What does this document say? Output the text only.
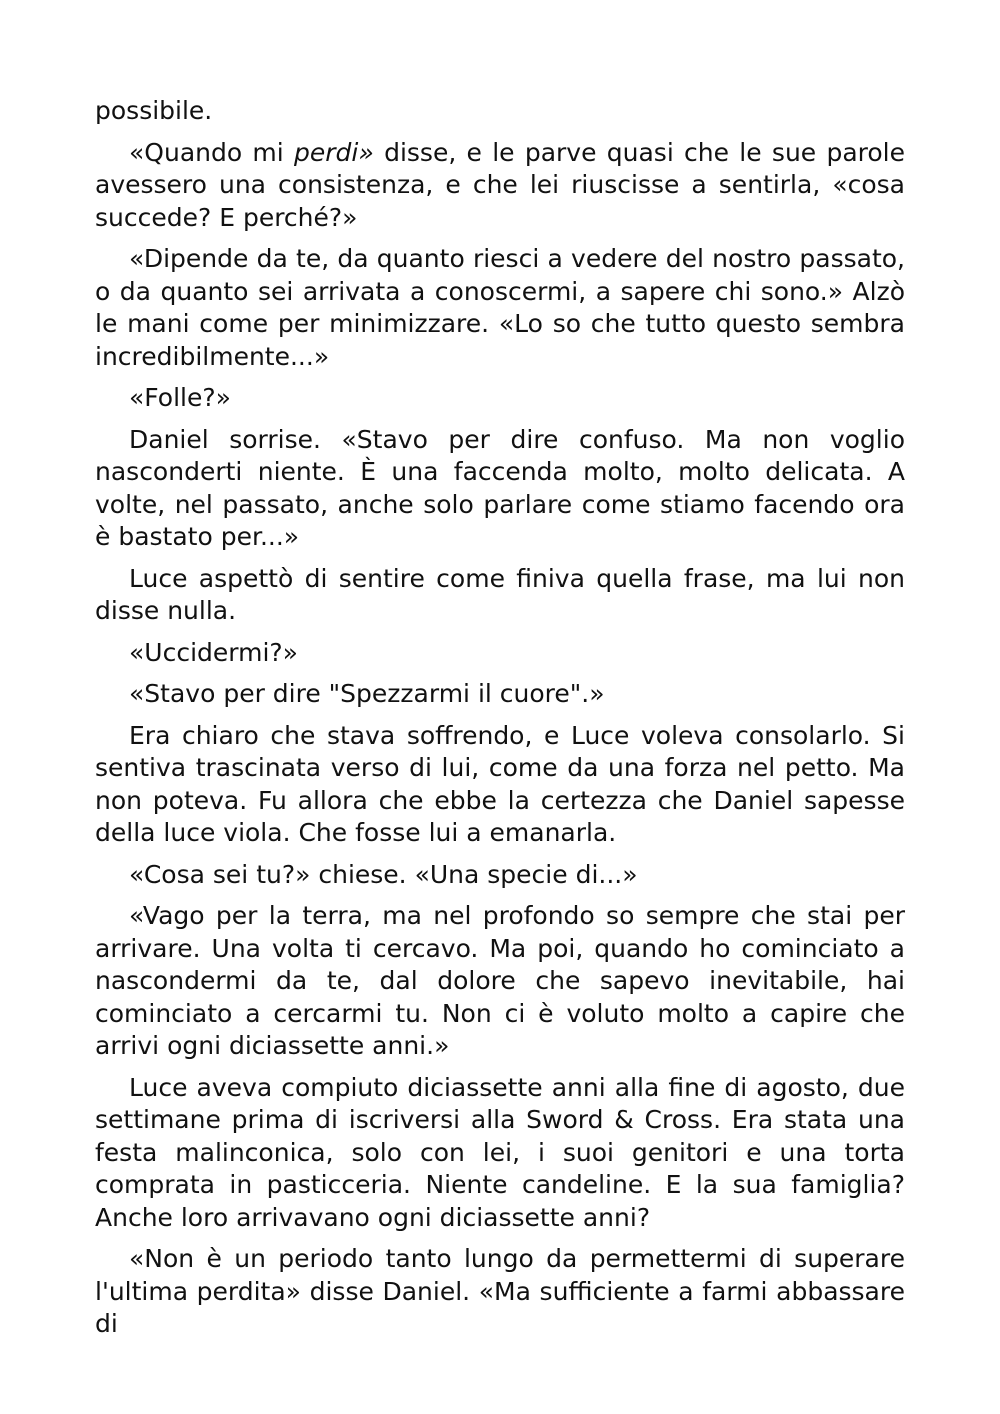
possibile.

«Quando mi perdi» disse, e le parve quasi che le sue parole avessero una consistenza, e che lei riuscisse a sentirla, «cosa succede? E perché?»

«Dipende da te, da quanto riesci a vedere del nostro passato, o da quanto sei arrivata a conoscermi, a sapere chi sono.» Alzò le mani come per minimizzare. «Lo so che tutto questo sembra incredibilmente...»

«Folle?»

Daniel sorrise. «Stavo per dire confuso. Ma non voglio nasconderti niente. È una faccenda molto, molto delicata. A volte, nel passato, anche solo parlare come stiamo facendo ora è bastato per...»

Luce aspettò di sentire come finiva quella frase, ma lui non disse nulla.

«Uccidermi?»

«Stavo per dire "Spezzarmi il cuore".»

Era chiaro che stava soffrendo, e Luce voleva consolarlo. Si sentiva trascinata verso di lui, come da una forza nel petto. Ma non poteva. Fu allora che ebbe la certezza che Daniel sapesse della luce viola. Che fosse lui a emanarla.

«Cosa sei tu?» chiese. «Una specie di...»

«Vago per la terra, ma nel profondo so sempre che stai per arrivare. Una volta ti cercavo. Ma poi, quando ho cominciato a nascondermi da te, dal dolore che sapevo inevitabile, hai cominciato a cercarmi tu. Non ci è voluto molto a capire che arrivi ogni diciassette anni.»

Luce aveva compiuto diciassette anni alla fine di agosto, due settimane prima di iscriversi alla Sword & Cross. Era stata una festa malinconica, solo con lei, i suoi genitori e una torta comprata in pasticceria. Niente candeline. E la sua famiglia? Anche loro arrivavano ogni diciassette anni?

«Non è un periodo tanto lungo da permettermi di superare l'ultima perdita» disse Daniel. «Ma sufficiente a farmi abbassare di
